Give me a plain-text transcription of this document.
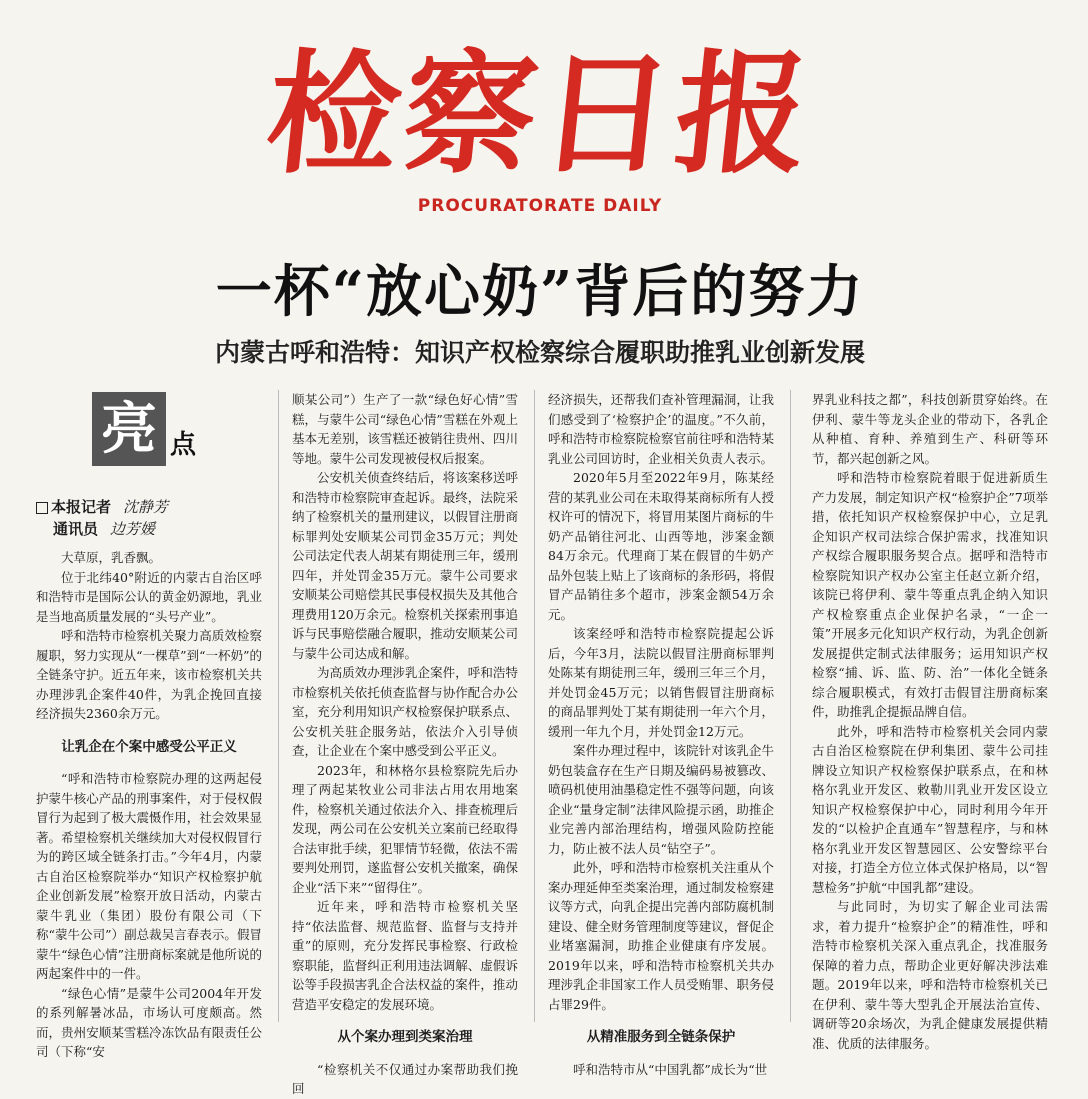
检察日报
PROCURATORATE DAILY
一杯“放心奶”背后的努力
内蒙古呼和浩特：知识产权检察综合履职助推乳业创新发展
亮 点
本报记者 沈静芳
通讯员 边芳媛

大草原，乳香飘。

位于北纬40°附近的内蒙古自治区呼和浩特市是国际公认的黄金奶源地，乳业是当地高质量发展的“头号产业”。

呼和浩特市检察机关聚力高质效检察履职，努力实现从“一棵草”到“一杯奶”的全链条守护。近五年来，该市检察机关共办理涉乳企案件40件，为乳企挽回直接经济损失2360余万元。

让乳企在个案中感受公平正义

“呼和浩特市检察院办理的这两起侵护蒙牛核心产品的刑事案件，对于侵权假冒行为起到了极大震慑作用，社会效果显著。希望检察机关继续加大对侵权假冒行为的跨区域全链条打击。”今年4月，内蒙古自治区检察院举办“知识产权检察护航企业创新发展”检察开放日活动，内蒙古蒙牛乳业（集团）股份有限公司（下称“蒙牛公司”）副总裁吴言春表示。假冒蒙牛“绿色心情”注册商标案就是他所说的两起案件中的一件。

“绿色心情”是蒙牛公司2004年开发的系列解暑冰品，市场认可度颇高。然而，贵州安顺某雪糕冷冻饮品有限责任公司（下称“安

顺某公司”）生产了一款“绿色好心情”雪糕，与蒙牛公司“绿色心情”雪糕在外观上基本无差别，该雪糕还被销往贵州、四川等地。蒙牛公司发现被侵权后报案。

公安机关侦查终结后，将该案移送呼和浩特市检察院审查起诉。最终，法院采纳了检察机关的量刑建议，以假冒注册商标罪判处安顺某公司罚金35万元；判处公司法定代表人胡某有期徒刑三年，缓刑四年，并处罚金35万元。蒙牛公司要求安顺某公司赔偿其民事侵权损失及其他合理费用120万余元。检察机关探索刑事追诉与民事赔偿融合履职，推动安顺某公司与蒙牛公司达成和解。

为高质效办理涉乳企案件，呼和浩特市检察机关依托侦查监督与协作配合办公室，充分利用知识产权检察保护联系点、公安机关驻企服务站，依法介入引导侦查，让企业在个案中感受到公平正义。

2023年，和林格尔县检察院先后办理了两起某牧业公司非法占用农用地案件，检察机关通过依法介入、排查梳理后发现，两公司在公安机关立案前已经取得合法审批手续，犯罪情节轻微，依法不需要判处刑罚，遂监督公安机关撤案，确保企业“活下来”“留得住”。

近年来，呼和浩特市检察机关坚持“依法监督、规范监督、监督与支持并重”的原则，充分发挥民事检察、行政检察职能，监督纠正利用违法调解、虚假诉讼等手段损害乳企合法权益的案件，推动营造平安稳定的发展环境。

从个案办理到类案治理

“检察机关不仅通过办案帮助我们挽回

经济损失，还帮我们查补管理漏洞，让我们感受到了‘检察护企’的温度。”不久前，呼和浩特市检察院检察官前往呼和浩特某乳业公司回访时，企业相关负责人表示。

2020年5月至2022年9月，陈某经营的某乳业公司在未取得某商标所有人授权许可的情况下，将冒用某图片商标的牛奶产品销往河北、山西等地，涉案金额84万余元。代理商丁某在假冒的牛奶产品外包装上贴上了该商标的条形码，将假冒产品销往多个超市，涉案金额54万余元。

该案经呼和浩特市检察院提起公诉后，今年3月，法院以假冒注册商标罪判处陈某有期徒刑三年，缓刑三年三个月，并处罚金45万元；以销售假冒注册商标的商品罪判处丁某有期徒刑一年六个月，缓刑一年九个月，并处罚金12万元。

案件办理过程中，该院针对该乳企牛奶包装盒存在生产日期及编码易被篡改、喷码机使用油墨稳定性不强等问题，向该企业“量身定制”法律风险提示函，助推企业完善内部治理结构，增强风险防控能力，防止被不法人员“钻空子”。

此外，呼和浩特市检察机关注重从个案办理延伸至类案治理，通过制发检察建议等方式，向乳企提出完善内部防腐机制建设、健全财务管理制度等建议，督促企业堵塞漏洞，助推企业健康有序发展。2019年以来，呼和浩特市检察机关共办理涉乳企非国家工作人员受贿罪、职务侵占罪29件。

从精准服务到全链条保护

呼和浩特市从“中国乳都”成长为“世

界乳业科技之都”，科技创新贯穿始终。在伊利、蒙牛等龙头企业的带动下，各乳企从种植、育种、养殖到生产、科研等环节，都兴起创新之风。

呼和浩特市检察院着眼于促进新质生产力发展，制定知识产权“检察护企”7项举措，依托知识产权检察保护中心，立足乳企知识产权司法综合保护需求，找准知识产权综合履职服务契合点。据呼和浩特市检察院知识产权办公室主任赵立新介绍，该院已将伊利、蒙牛等重点乳企纳入知识产权检察重点企业保护名录，“一企一策”开展多元化知识产权行动，为乳企创新发展提供定制式法律服务；运用知识产权检察“捕、诉、监、防、治”一体化全链条综合履职模式，有效打击假冒注册商标案件，助推乳企提振品牌自信。

此外，呼和浩特市检察机关会同内蒙古自治区检察院在伊利集团、蒙牛公司挂牌设立知识产权检察保护联系点，在和林格尔乳业开发区、敕勒川乳业开发区设立知识产权检察保护中心，同时利用今年开发的“以检护企直通车”智慧程序，与和林格尔乳业开发区智慧园区、公安警综平台对接，打造全方位立体式保护格局，以“智慧检务”护航“中国乳都”建设。

与此同时，为切实了解企业司法需求，着力提升“检察护企”的精准性，呼和浩特市检察机关深入重点乳企，找准服务保障的着力点，帮助企业更好解决涉法难题。2019年以来，呼和浩特市检察机关已在伊利、蒙牛等大型乳企开展法治宣传、调研等20余场次，为乳企健康发展提供精准、优质的法律服务。
